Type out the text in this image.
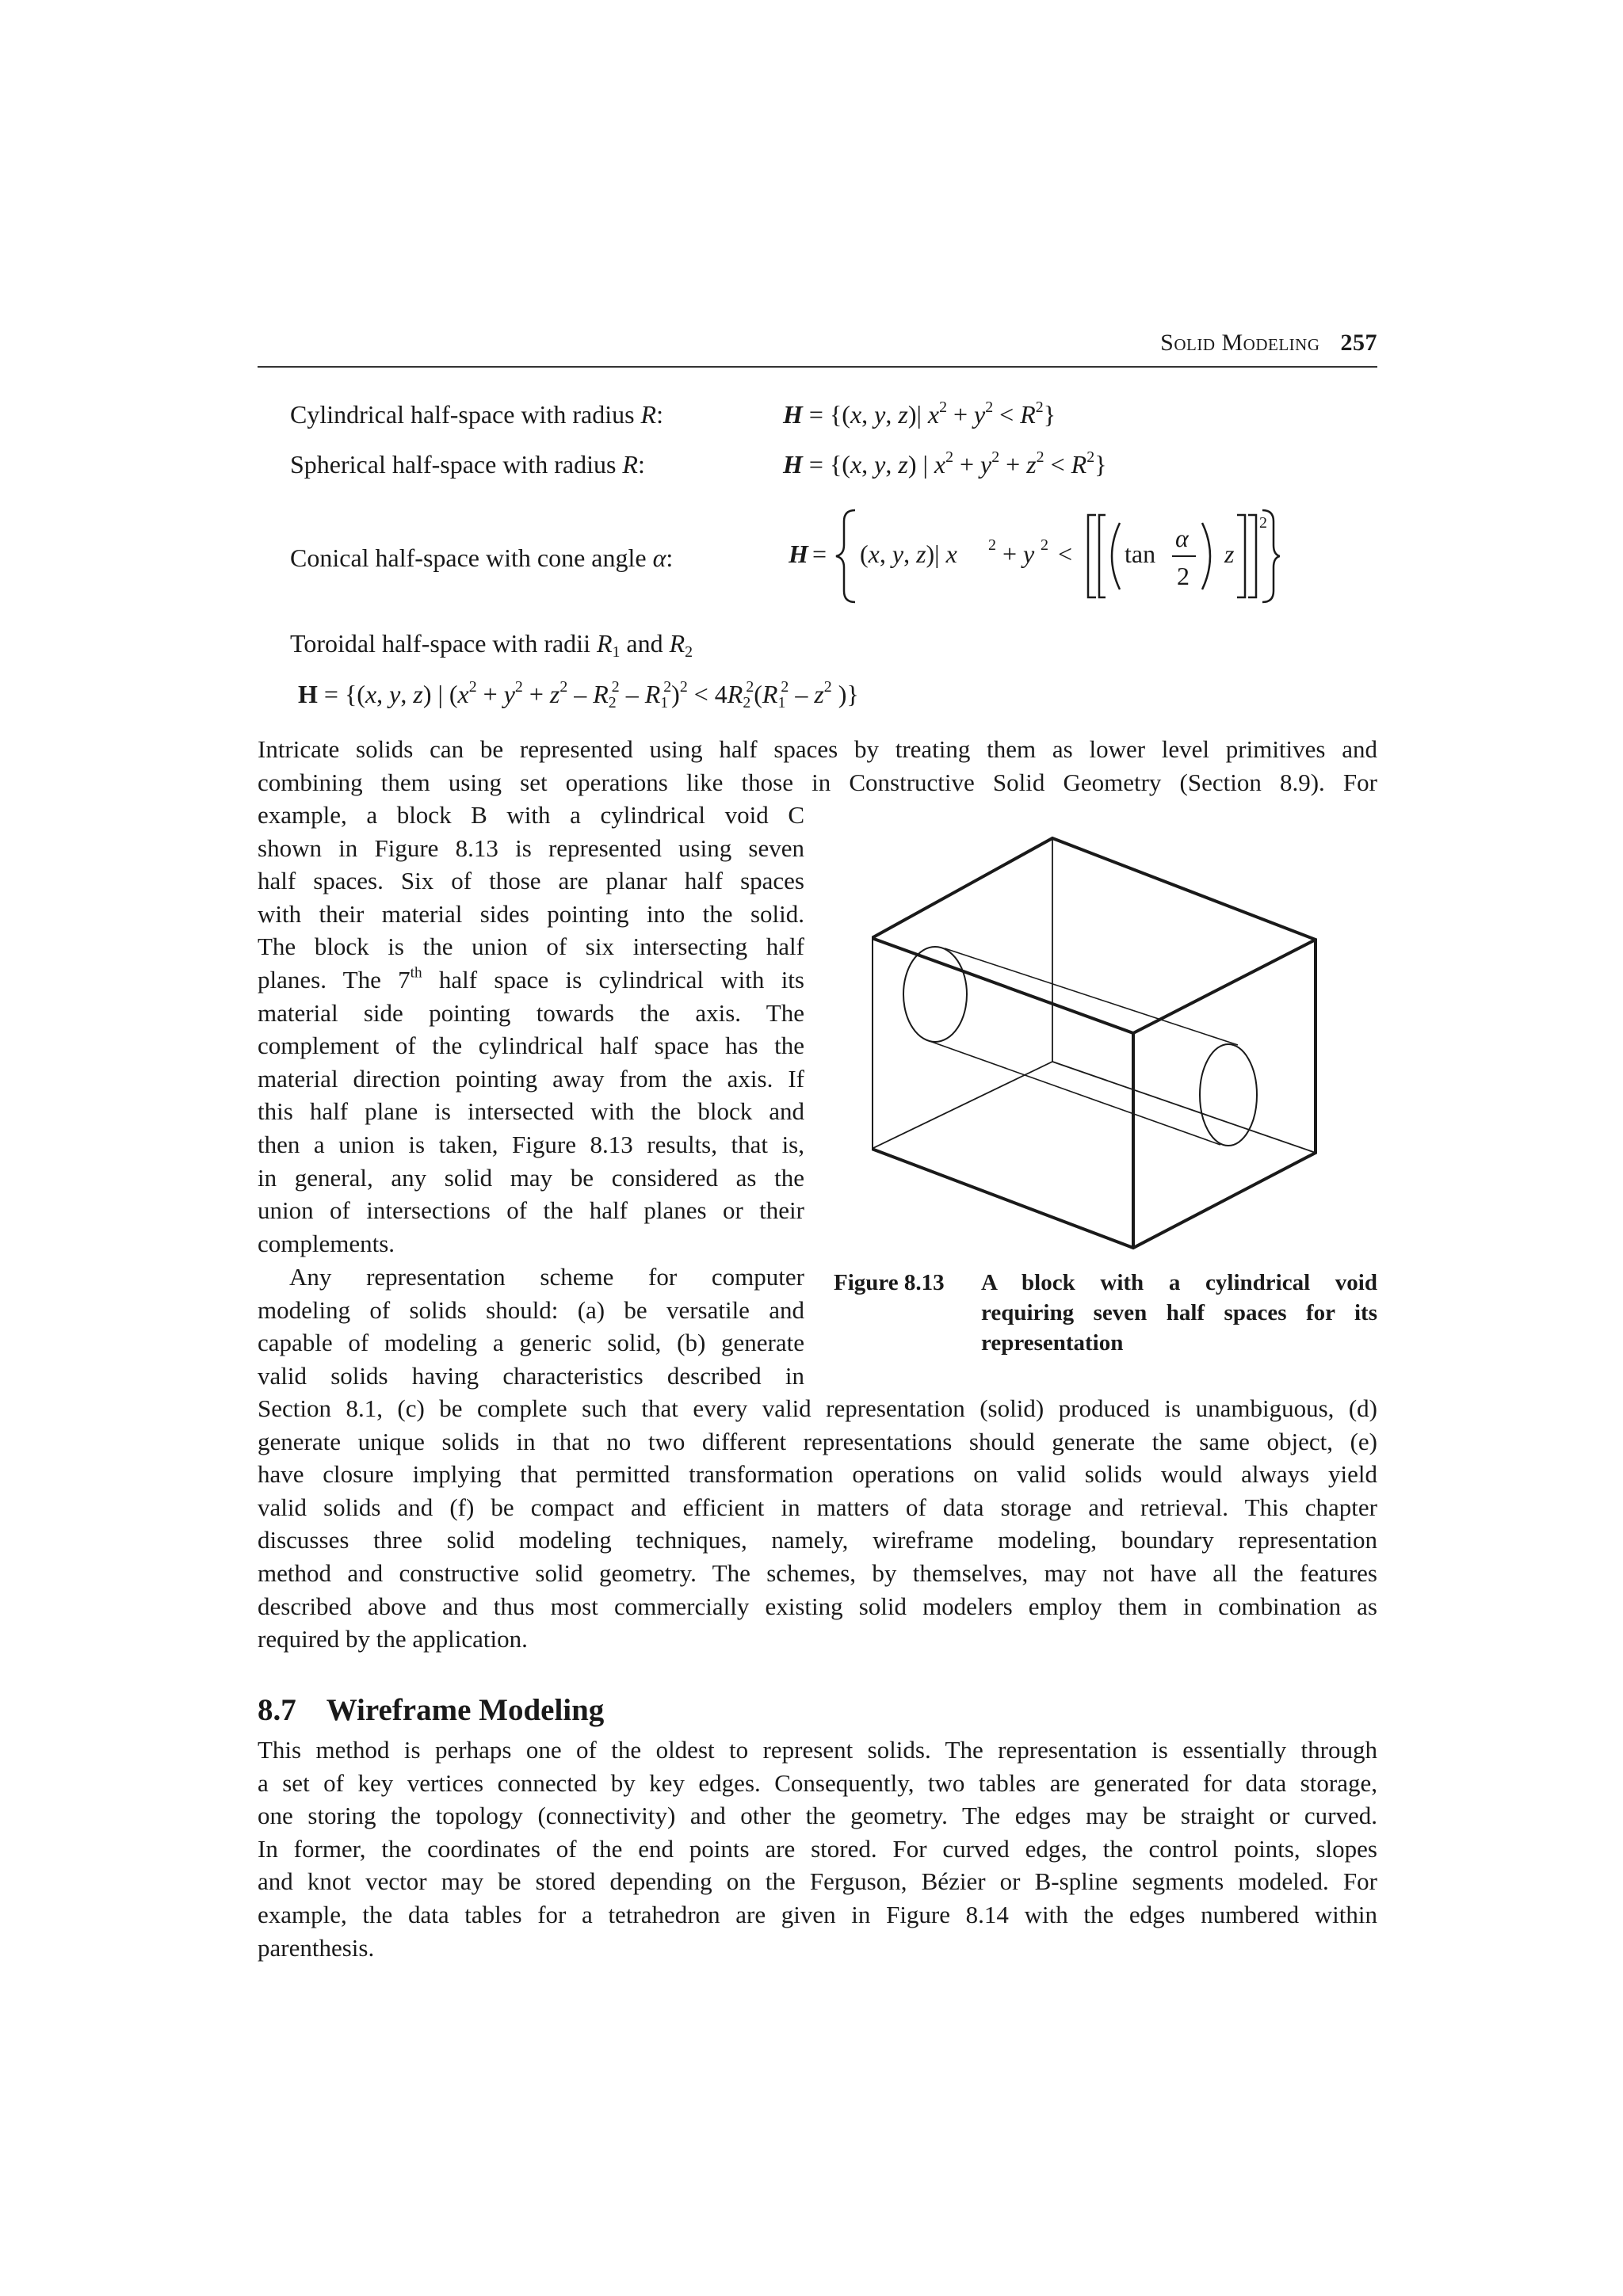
Solid Modeling 257
Cylindrical half-space with radius R:	H = {(x, y, z)| $x^2 + y^2 < R^2$}
Spherical half-space with radius R:	H = {(x, y, z) | $x^2 + y^2 + z^2 < R^2$}
Conical half-space with cone angle α:	H = (x, y, z)| x 2 + y 2 < tan
α
2
z
2
Toroidal half-space with radii $R_1$ and $R_2$
H = {(x, y, z) | $(x^2 + y^2 + z^2 - R_2^2 - R_1^2)^2 < 4R_2^2(R_1^2 - z^2$ )}
Intricate solids can be represented using half spaces by treating them as lower level primitives and
combining them using set operations like those in Constructive Solid Geometry (Section 8.9). For
example, a block B with a cylindrical void C
shown in Figure 8.13 is represented using seven
half spaces. Six of those are planar half spaces
with their material sides pointing into the solid.
The block is the union of six intersecting half
planes. The 7th half space is cylindrical with its
material side pointing towards the axis. The
complement of the cylindrical half space has the
material direction pointing away from the axis. If
this half plane is intersected with the block and
then a union is taken, Figure 8.13 results, that is,
in general, any solid may be considered as the
union of intersections of the half planes or their
complements.
Any representation scheme for computer
modeling of solids should: (a) be versatile and
capable of modeling a generic solid, (b) generate
valid solids having characteristics described in
Section 8.1, (c) be complete such that every valid representation (solid) produced is unambiguous, (d)
generate unique solids in that no two different representations should generate the same object, (e)
have closure implying that permitted transformation operations on valid solids would always yield
valid solids and (f) be compact and efficient in matters of data storage and retrieval. This chapter
discusses three solid modeling techniques, namely, wireframe modeling, boundary representation
method and constructive solid geometry. The schemes, by themselves, may not have all the features
described above and thus most commercially existing solid modelers employ them in combination as
required by the application.
Figure 8.13 A block with a cylindrical void
requiring seven half spaces for its
representation
8.7 Wireframe Modeling
This method is perhaps one of the oldest to represent solids. The representation is essentially through
a set of key vertices connected by key edges. Consequently, two tables are generated for data storage,
one storing the topology (connectivity) and other the geometry. The edges may be straight or curved.
In former, the coordinates of the end points are stored. For curved edges, the control points, slopes
and knot vector may be stored depending on the Ferguson, Bézier or B-spline segments modeled. For
example, the data tables for a tetrahedron are given in Figure 8.14 with the edges numbered within
parenthesis.
